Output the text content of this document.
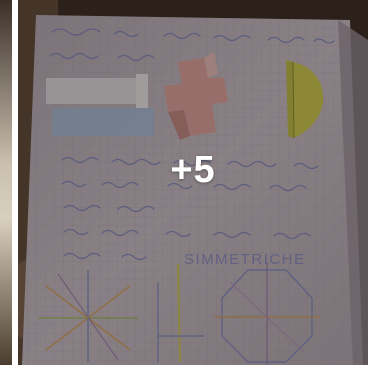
SIMMETRICHE
+5
